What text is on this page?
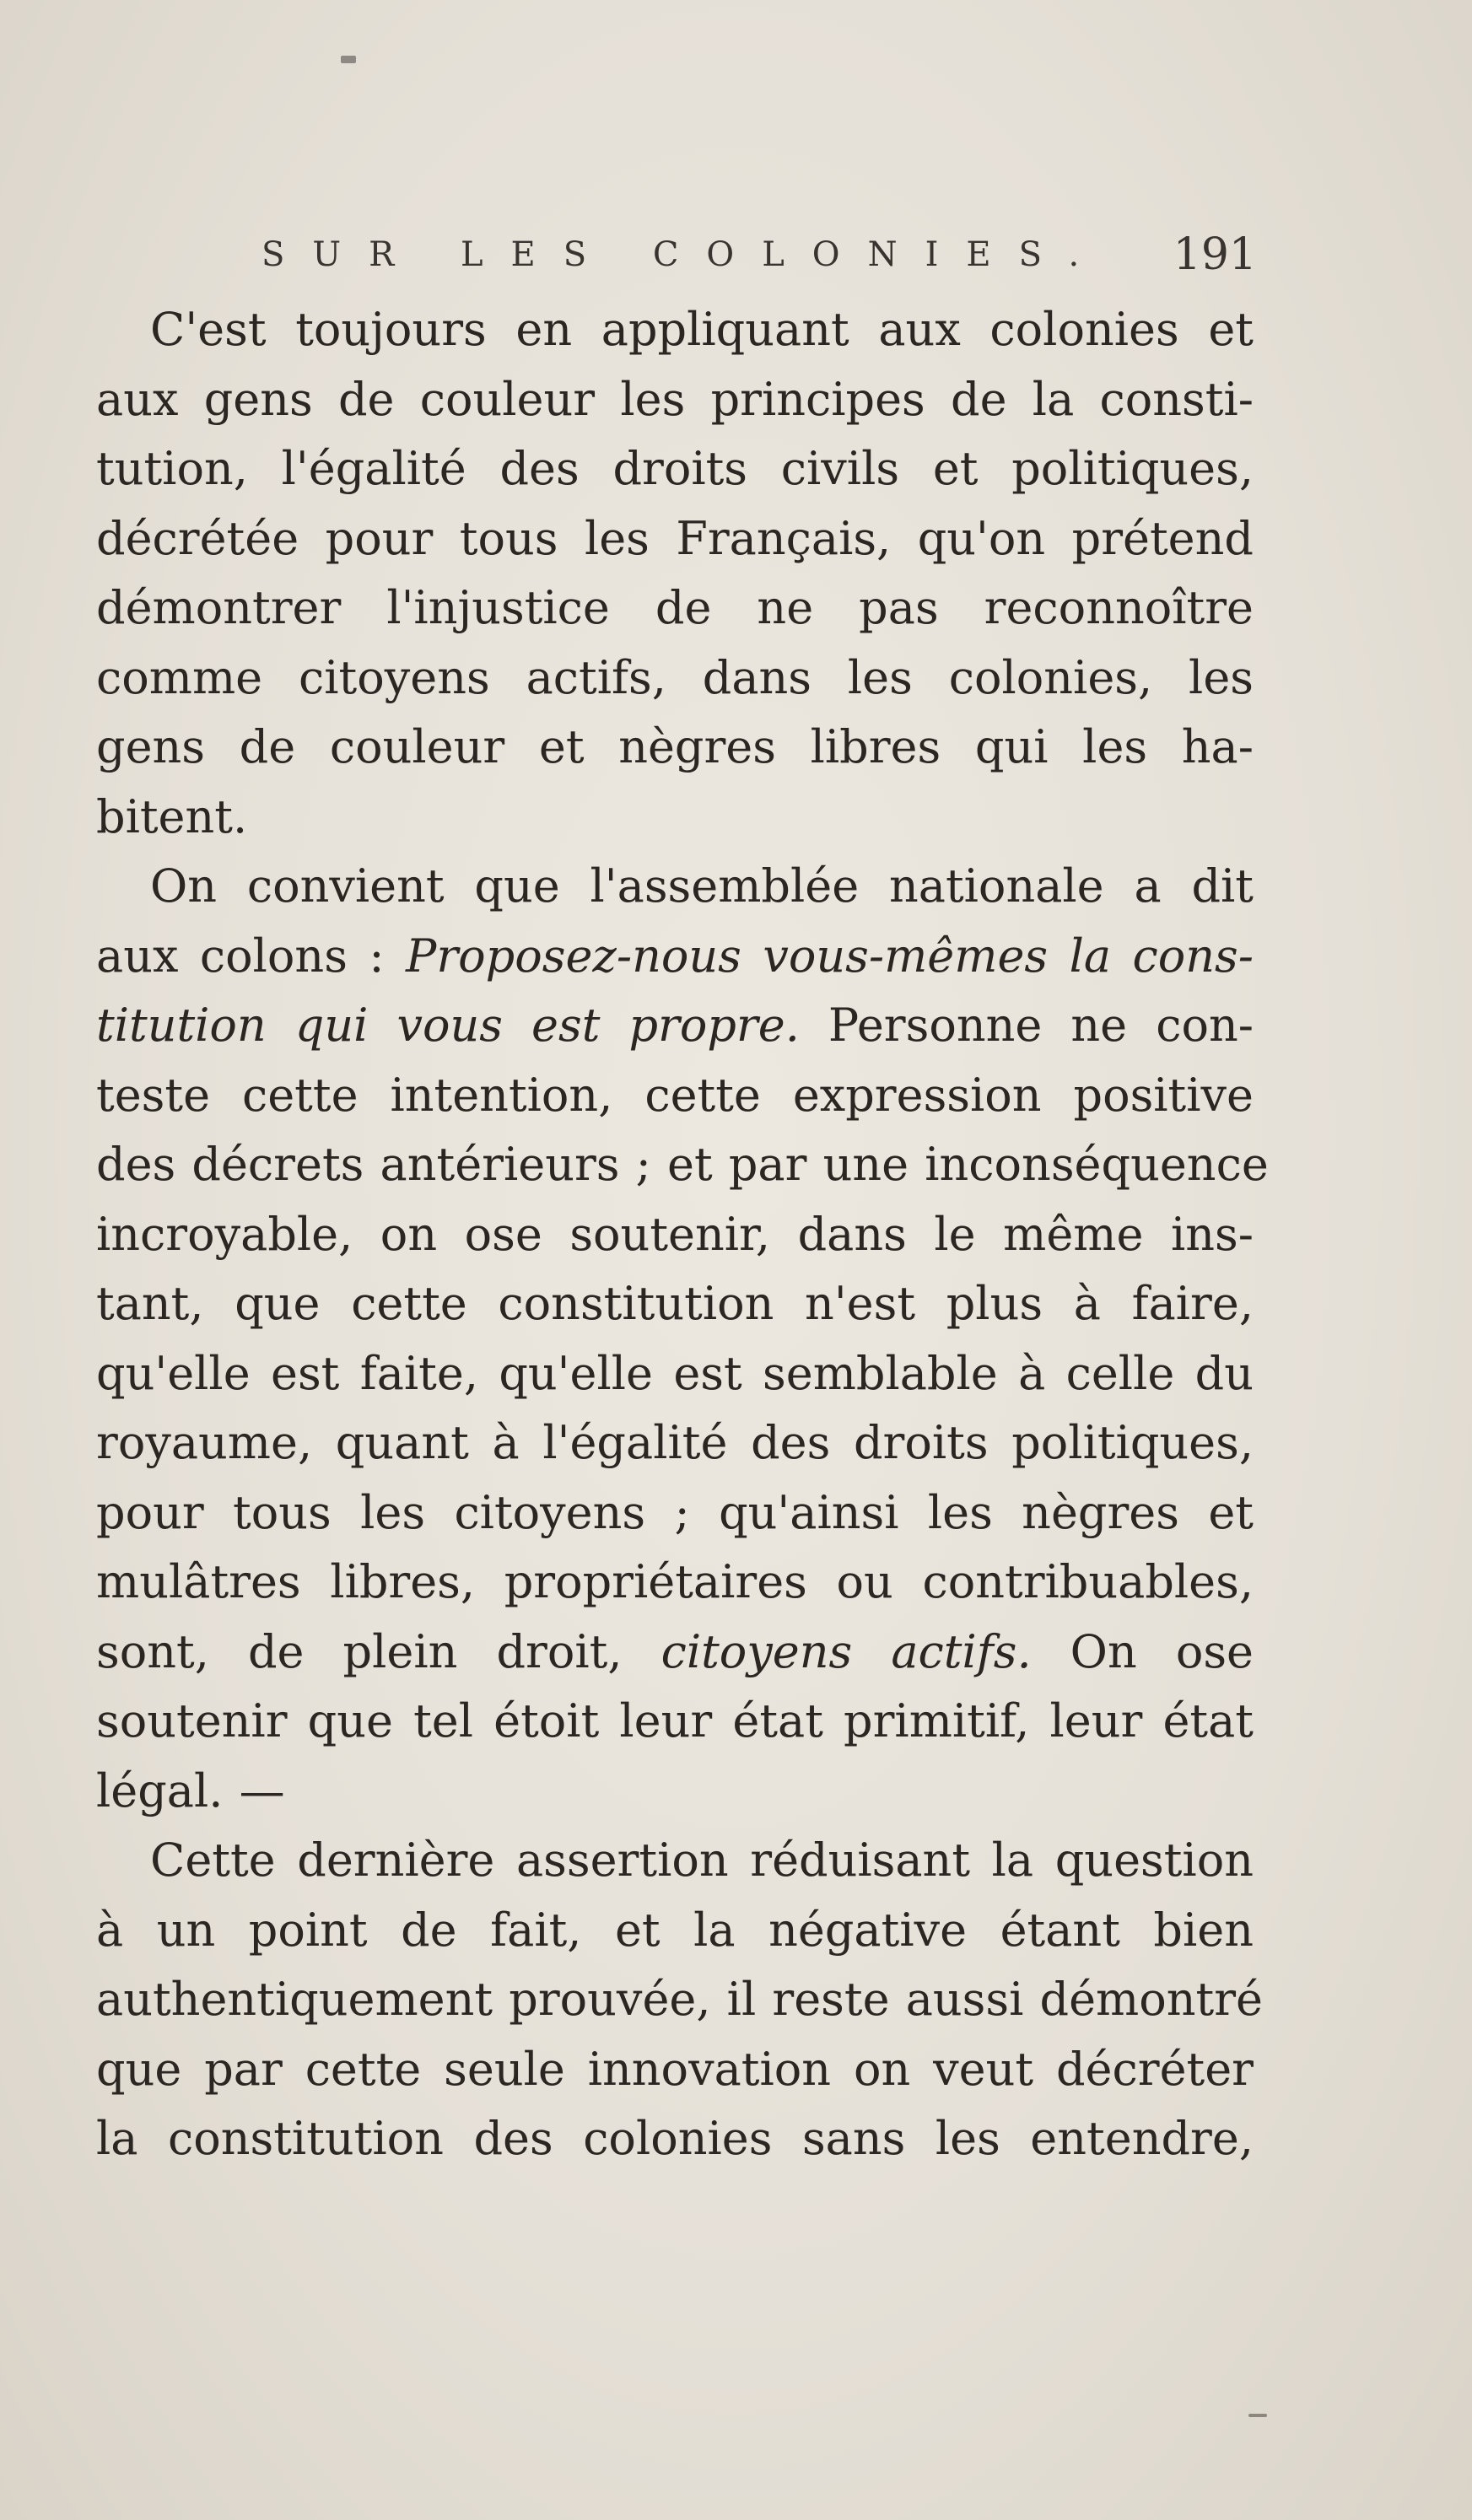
SUR LES COLONIES. 191
C'est toujours en appliquant aux colonies et
aux gens de couleur les principes de la consti-
tution, l'égalité des droits civils et politiques,
décrétée pour tous les Français, qu'on prétend
démontrer l'injustice de ne pas reconnoître
comme citoyens actifs, dans les colonies, les
gens de couleur et nègres libres qui les ha-
bitent.
On convient que l'assemblée nationale a dit
aux colons : Proposez-nous vous-mêmes la cons-
titution qui vous est propre. Personne ne con-
teste cette intention, cette expression positive
des décrets antérieurs ; et par une inconséquence
incroyable, on ose soutenir, dans le même ins-
tant, que cette constitution n'est plus à faire,
qu'elle est faite, qu'elle est semblable à celle du
royaume, quant à l'égalité des droits politiques,
pour tous les citoyens ; qu'ainsi les nègres et
mulâtres libres, propriétaires ou contribuables,
sont, de plein droit, citoyens actifs. On ose
soutenir que tel étoit leur état primitif, leur état
légal. —
Cette dernière assertion réduisant la question
à un point de fait, et la négative étant bien
authentiquement prouvée, il reste aussi démontré
que par cette seule innovation on veut décréter
la constitution des colonies sans les entendre,
